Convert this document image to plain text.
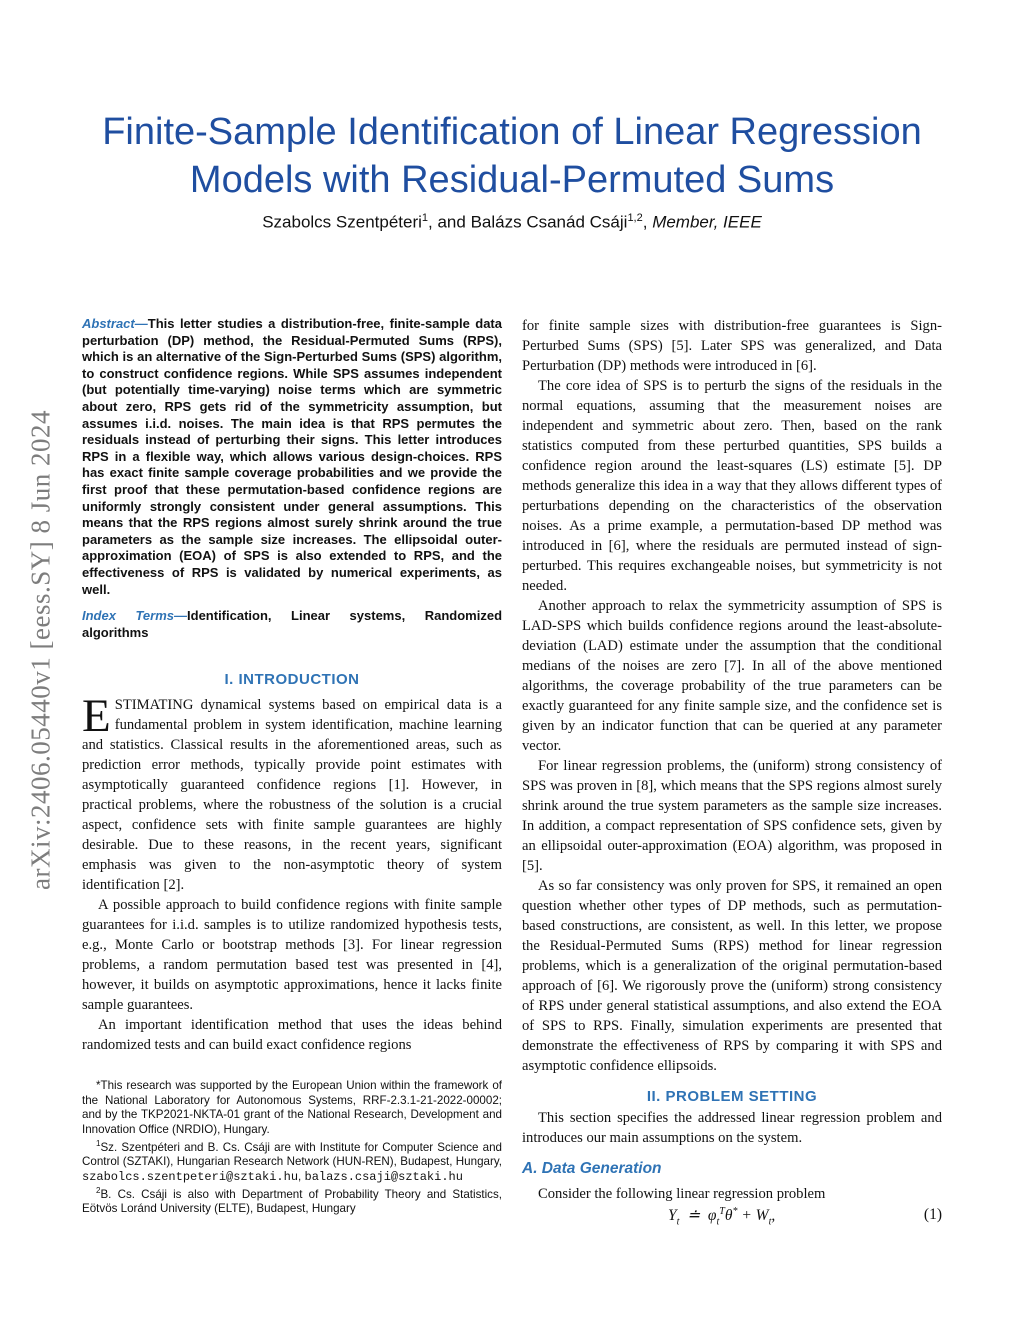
arXiv:2406.05440v1 [eess.SY] 8 Jun 2024
Finite-Sample Identification of Linear Regression
Models with Residual-Permuted Sums
Szabolcs Szentpéteri$^1$, and Balázs Csanád Csáji$^{1,2}$, Member, IEEE

Abstract—This letter studies a distribution-free, finite-sample data perturbation (DP) method, the Residual-Permuted Sums (RPS), which is an alternative of the Sign-Perturbed Sums (SPS) algorithm, to construct confidence regions. While SPS assumes independent (but potentially time-varying) noise terms which are symmetric about zero, RPS gets rid of the symmetricity assumption, but assumes i.i.d. noises. The main idea is that RPS permutes the residuals instead of perturbing their signs. This letter introduces RPS in a flexible way, which allows various design-choices. RPS has exact finite sample coverage probabilities and we provide the first proof that these permutation-based confidence regions are uniformly strongly consistent under general assumptions. This means that the RPS regions almost surely shrink around the true parameters as the sample size increases. The ellipsoidal outer-approximation (EOA) of SPS is also extended to RPS, and the effectiveness of RPS is validated by numerical experiments, as well.

Index Terms—Identification, Linear systems, Randomized algorithms

I. INTRODUCTION

ESTIMATING dynamical systems based on empirical data is a fundamental problem in system identification, machine learning and statistics. Classical results in the aforementioned areas, such as prediction error methods, typically provide point estimates with asymptotically guaranteed confidence regions [1]. However, in practical problems, where the robustness of the solution is a crucial aspect, confidence sets with finite sample guarantees are highly desirable. Due to these reasons, in the recent years, significant emphasis was given to the non-asymptotic theory of system identification [2].

A possible approach to build confidence regions with finite sample guarantees for i.i.d. samples is to utilize randomized hypothesis tests, e.g., Monte Carlo or bootstrap methods [3]. For linear regression problems, a random permutation based test was presented in [4], however, it builds on asymptotic approximations, hence it lacks finite sample guarantees.

An important identification method that uses the ideas behind randomized tests and can build exact confidence regions

*This research was supported by the European Union within the framework of the National Laboratory for Autonomous Systems, RRF-2.3.1-21-2022-00002; and by the TKP2021-NKTA-01 grant of the National Research, Development and Innovation Office (NRDIO), Hungary.

$^1$Sz. Szentpéteri and B. Cs. Csáji are with Institute for Computer Science and Control (SZTAKI), Hungarian Research Network (HUN-REN), Budapest, Hungary, szabolcs.szentpeteri@sztaki.hu, balazs.csaji@sztaki.hu

$^2$B. Cs. Csáji is also with Department of Probability Theory and Statistics, Eötvös Loránd University (ELTE), Budapest, Hungary

for finite sample sizes with distribution-free guarantees is Sign-Perturbed Sums (SPS) [5]. Later SPS was generalized, and Data Perturbation (DP) methods were introduced in [6].

The core idea of SPS is to perturb the signs of the residuals in the normal equations, assuming that the measurement noises are independent and symmetric about zero. Then, based on the rank statistics computed from these perturbed quantities, SPS builds a confidence region around the least-squares (LS) estimate [5]. DP methods generalize this idea in a way that they allows different types of perturbations depending on the characteristics of the observation noises. As a prime example, a permutation-based DP method was introduced in [6], where the residuals are permuted instead of sign-perturbed. This requires exchangeable noises, but symmetricity is not needed.

Another approach to relax the symmetricity assumption of SPS is LAD-SPS which builds confidence regions around the least-absolute-deviation (LAD) estimate under the assumption that the conditional medians of the noises are zero [7]. In all of the above mentioned algorithms, the coverage probability of the true parameters can be exactly guaranteed for any finite sample size, and the confidence set is given by an indicator function that can be queried at any parameter vector.

For linear regression problems, the (uniform) strong consistency of SPS was proven in [8], which means that the SPS regions almost surely shrink around the true system parameters as the sample size increases. In addition, a compact representation of SPS confidence sets, given by an ellipsoidal outer-approximation (EOA) algorithm, was proposed in [5].

As so far consistency was only proven for SPS, it remained an open question whether other types of DP methods, such as permutation-based constructions, are consistent, as well. In this letter, we propose the Residual-Permuted Sums (RPS) method for linear regression problems, which is a generalization of the original permutation-based approach of [6]. We rigorously prove the (uniform) strong consistency of RPS under general statistical assumptions, and also extend the EOA of SPS to RPS. Finally, simulation experiments are presented that demonstrate the effectiveness of RPS by comparing it with SPS and asymptotic confidence ellipsoids.

II. PROBLEM SETTING

This section specifies the addressed linear regression problem and introduces our main assumptions on the system.

A. Data Generation

Consider the following linear regression problem

$Y_t$  ≐  $\varphi_t^T\theta^* + W_t$,	(1)
